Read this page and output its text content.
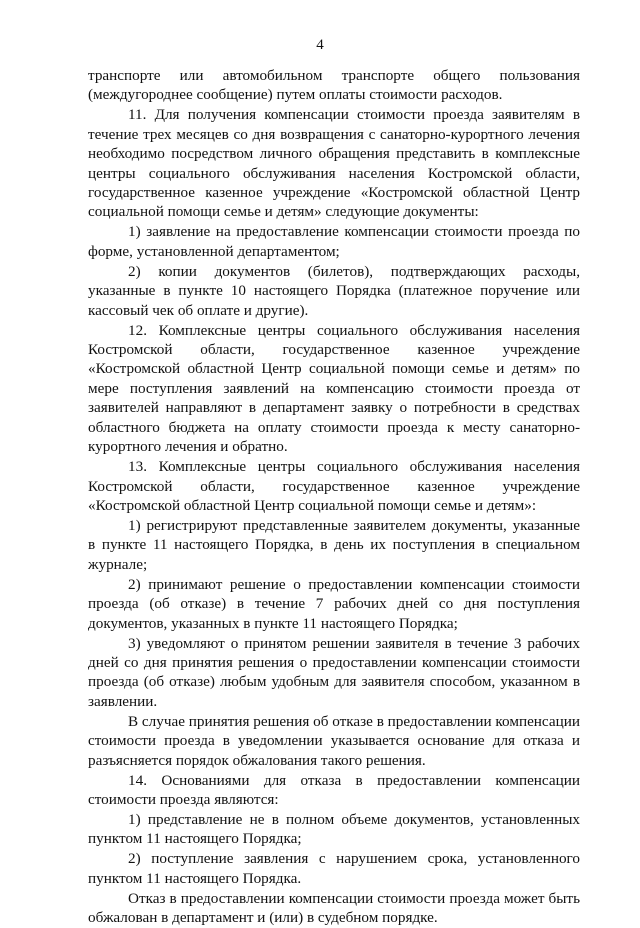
4

транспорте или автомобильном транспорте общего пользования (междугороднее сообщение) путем оплаты стоимости расходов.

11. Для получения компенсации стоимости проезда заявителям в течение трех месяцев со дня возвращения с санаторно-курортного лечения необходимо посредством личного обращения представить в комплексные центры социального обслуживания населения Костромской области, государственное казенное учреждение «Костромской областной Центр социальной помощи семье и детям» следующие документы:

1) заявление на предоставление компенсации стоимости проезда по форме, установленной департаментом;

2) копии документов (билетов), подтверждающих расходы, указанные в пункте 10 настоящего Порядка (платежное поручение или кассовый чек об оплате и другие).

12. Комплексные центры социального обслуживания населения Костромской области, государственное казенное учреждение «Костромской областной Центр социальной помощи семье и детям» по мере поступления заявлений на компенсацию стоимости проезда от заявителей направляют в департамент заявку о потребности в средствах областного бюджета на оплату стоимости проезда к месту санаторно-курортного лечения и обратно.

13. Комплексные центры социального обслуживания населения Костромской области, государственное казенное учреждение «Костромской областной Центр социальной помощи семье и детям»:

1) регистрируют представленные заявителем документы, указанные в пункте 11 настоящего Порядка, в день их поступления в специальном журнале;

2) принимают решение о предоставлении компенсации стоимости проезда (об отказе) в течение 7 рабочих дней со дня поступления документов, указанных в пункте 11 настоящего Порядка;

3) уведомляют о принятом решении заявителя в течение 3 рабочих дней со дня принятия решения о предоставлении компенсации стоимости проезда (об отказе) любым удобным для заявителя способом, указанном в заявлении.

В случае принятия решения об отказе в предоставлении компенсации стоимости проезда в уведомлении указывается основание для отказа и разъясняется порядок обжалования такого решения.

14. Основаниями для отказа в предоставлении компенсации стоимости проезда являются:

1) представление не в полном объеме документов, установленных пунктом 11 настоящего Порядка;

2) поступление заявления с нарушением срока, установленного пунктом 11 настоящего Порядка.

Отказ в предоставлении компенсации стоимости проезда может быть обжалован в департамент и (или) в судебном порядке.
